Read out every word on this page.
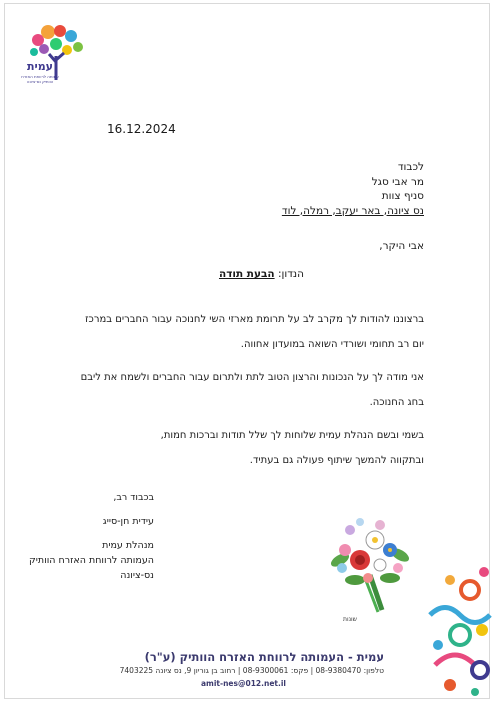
עמית
עמותה לרווחת האזרח הוותיק נס-ציונה
16.12.2024
לכבוד
מר אבי סגל
סניף צוות
נס ציונה, באר יעקב, רמלה, לוד
אבי היקר,
הנדון: הבעת תודה
ברצוננו להודות לך מקרב לב על תרומת מארזי השי לחנוכה עבור החברים במרכז
יום רב תחומי ושורדי השואה במועדון אחווה.
אני מודה לך על הנכונות והרצון הטוב לתת ולתרום עבור החברים ולשמח את ליבם
בחג החנוכה.
בשמי ובשם הנהלת עמית שלוחות לך שלל תודות וברכות חמות,
ובתקווה להמשך שיתוף פעולה גם בעתיד.
בכבוד רב,
עידית חן-סייג
מנהלת עמית
העמותה לרווחת האזרח הוותיק
נס-ציונה
שונות
עמית - העמותה לרווחת האזרח הוותיק (ע"ר)
טלפון: 08-9380470 | פקס: 08-9300061 | רחוב בן גוריון 9, נס ציונה 7403225
amit-nes@012.net.il
